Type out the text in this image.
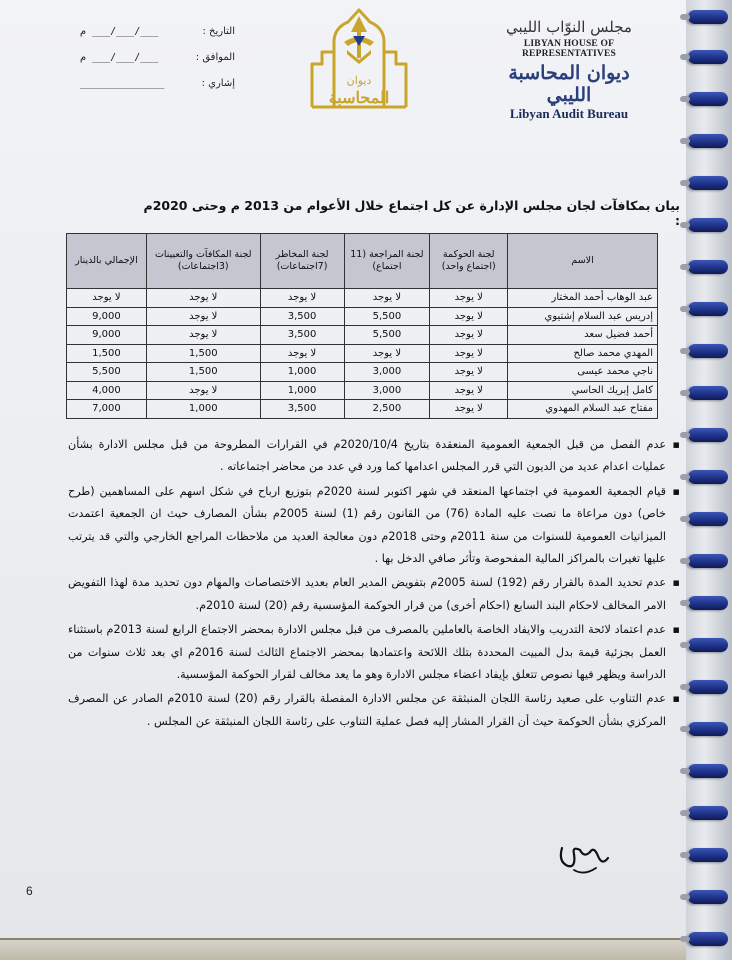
مجلس النوّاب الليبي
LIBYAN HOUSE OF REPRESENTATIVES
ديوان المحاسبة الليبي
Libyan Audit Bureau
ديوان
المحاسبة
التاريخ :
م ___/___/___
الموافق :
م ___/___/___
إشاري :
______________
بيان بمكافآت لجان مجلس الإدارة عن كل اجتماع خلال الأعوام من 2013 م وحتى 2020م :
الاسم	لجنة الحوكمة (اجتماع واحد)	لجنة المراجعة (11 اجتماع)	لجنة المخاطر (7اجتماعات)	لجنة المكافآت والتعيينات (3اجتماعات)	الإجمالي بالدينار
عبد الوهاب أحمد المختار	لا يوجد	لا يوجد	لا يوجد	لا يوجد	لا يوجد
إدريس عبد السلام إشتيوي	لا يوجد	5,500	3,500	لا يوجد	9,000
أحمد فضيل سعد	لا يوجد	5,500	3,500	لا يوجد	9,000
المهدي محمد صالح	لا يوجد	لا يوجد	لا يوجد	1,500	1,500
ناجي محمد عيسى	لا يوجد	3,000	1,000	1,500	5,500
كامل إبريك الحاسي	لا يوجد	3,000	1,000	لا يوجد	4,000
مفتاح عبد السلام المهدوي	لا يوجد	2,500	3,500	1,000	7,000
▪ عدم الفصل من قبل الجمعية العمومية المنعقدة بتاريخ 2020/10/4م في القرارات المطروحة من قبل مجلس الادارة بشأن عمليات اعدام عديد من الديون التي قرر المجلس اعدامها كما ورد في عدد من محاضر اجتماعاته .
▪ قيام الجمعية العمومية في اجتماعها المنعقد في شهر اكتوبر لسنة 2020م بتوزيع ارباح في شكل اسهم على المساهمين (طرح خاص) دون مراعاة ما نصت عليه المادة (76) من القانون رقم (1) لسنة 2005م بشأن المصارف حيث ان الجمعية اعتمدت الميزانيات العمومية للسنوات من سنة 2011م وحتى 2018م دون معالجة العديد من ملاحظات المراجع الخارجي والتي قد يترتب عليها تغيرات بالمراكز المالية المفحوصة وتأثر صافي الدخل بها .
▪ عدم تحديد المدة بالقرار رقم (192) لسنة 2005م بتفويض المدير العام بعديد الاختصاصات والمهام دون تحديد مدة لهذا التفويض الامر المخالف لاحكام البند السابع (احكام أخرى) من قرار الحوكمة المؤسسية رقم (20) لسنة 2010م.
▪ عدم اعتماد لائحة التدريب والايفاد الخاصة بالعاملين بالمصرف من قبل مجلس الادارة بمحضر الاجتماع الرابع لسنة 2013م باستثناء العمل بجزئية قيمة بدل المبيت المحددة بتلك اللائحة واعتمادها بمحضر الاجتماع الثالث لسنة 2016م اي بعد ثلاث سنوات من الدراسة ويظهر فيها نصوص تتعلق بإيفاد اعضاء مجلس الادارة وهو ما يعد مخالف لقرار الحوكمة المؤسسية.
▪ عدم التناوب على صعيد رئاسة اللجان المنبثقة عن مجلس الادارة المفصلة بالقرار رقم (20) لسنة 2010م الصادر عن المصرف المركزي بشأن الحوكمة حيث أن القرار المشار إليه فصل عملية التناوب على رئاسة اللجان المنبثقة عن المجلس .
6
